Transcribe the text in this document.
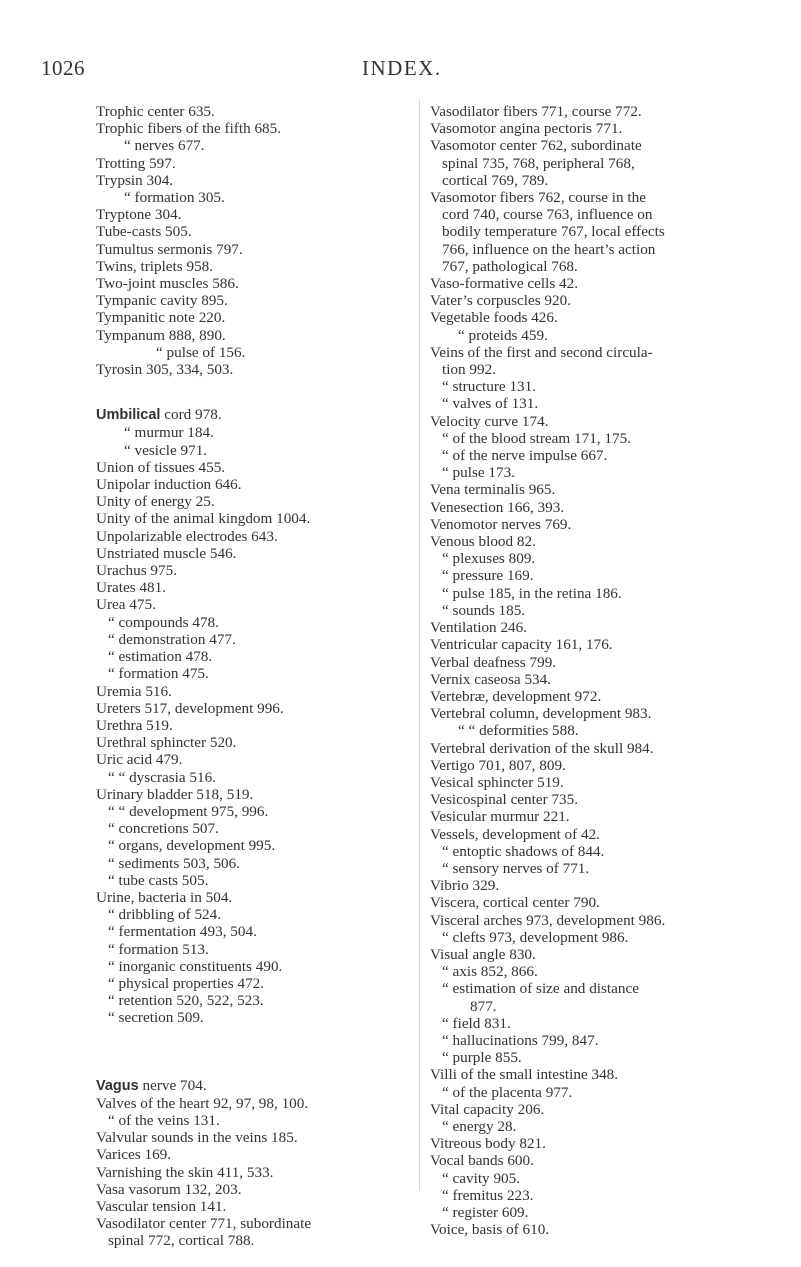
1026	INDEX.

Trophic center 635.

Trophic fibers of the fifth 685.

“ nerves 677.

Trotting 597.

Trypsin 304.

“ formation 305.

Tryptone 304.

Tube-casts 505.

Tumultus sermonis 797.

Twins, triplets 958.

Two-joint muscles 586.

Tympanic cavity 895.

Tympanitic note 220.

Tympanum 888, 890.

“ pulse of 156.

Tyrosin 305, 334, 503.

Umbilical cord 978.

“ murmur 184.

“ vesicle 971.

Union of tissues 455.

Unipolar induction 646.

Unity of energy 25.

Unity of the animal kingdom 1004.

Unpolarizable electrodes 643.

Unstriated muscle 546.

Urachus 975.

Urates 481.

Urea 475.

“ compounds 478.

“ demonstration 477.

“ estimation 478.

“ formation 475.

Uremia 516.

Ureters 517, development 996.

Urethra 519.

Urethral sphincter 520.

Uric acid 479.

“ “ dyscrasia 516.

Urinary bladder 518, 519.

“ “ development 975, 996.

“ concretions 507.

“ organs, development 995.

“ sediments 503, 506.

“ tube casts 505.

Urine, bacteria in 504.

“ dribbling of 524.

“ fermentation 493, 504.

“ formation 513.

“ inorganic constituents 490.

“ physical properties 472.

“ retention 520, 522, 523.

“ secretion 509.

Vagus nerve 704.

Valves of the heart 92, 97, 98, 100.

“ of the veins 131.

Valvular sounds in the veins 185.

Varices 169.

Varnishing the skin 411, 533.

Vasa vasorum 132, 203.

Vascular tension 141.

Vasodilator center 771, subordinate

spinal 772, cortical 788.

Vasodilator fibers 771, course 772.

Vasomotor angina pectoris 771.

Vasomotor center 762, subordinate

spinal 735, 768, peripheral 768,

cortical 769, 789.

Vasomotor fibers 762, course in the

cord 740, course 763, influence on

bodily temperature 767, local effects

766, influence on the heart’s action

767, pathological 768.

Vaso-formative cells 42.

Vater’s corpuscles 920.

Vegetable foods 426.

“ proteids 459.

Veins of the first and second circula-

tion 992.

“ structure 131.

“ valves of 131.

Velocity curve 174.

“ of the blood stream 171, 175.

“ of the nerve impulse 667.

“ pulse 173.

Vena terminalis 965.

Venesection 166, 393.

Venomotor nerves 769.

Venous blood 82.

“ plexuses 809.

“ pressure 169.

“ pulse 185, in the retina 186.

“ sounds 185.

Ventilation 246.

Ventricular capacity 161, 176.

Verbal deafness 799.

Vernix caseosa 534.

Vertebræ, development 972.

Vertebral column, development 983.

“ “ deformities 588.

Vertebral derivation of the skull 984.

Vertigo 701, 807, 809.

Vesical sphincter 519.

Vesicospinal center 735.

Vesicular murmur 221.

Vessels, development of 42.

“ entoptic shadows of 844.

“ sensory nerves of 771.

Vibrio 329.

Viscera, cortical center 790.

Visceral arches 973, development 986.

“ clefts 973, development 986.

Visual angle 830.

“ axis 852, 866.

“ estimation of size and distance

877.

“ field 831.

“ hallucinations 799, 847.

“ purple 855.

Villi of the small intestine 348.

“ of the placenta 977.

Vital capacity 206.

“ energy 28.

Vitreous body 821.

Vocal bands 600.

“ cavity 905.

“ fremitus 223.

“ register 609.

Voice, basis of 610.
